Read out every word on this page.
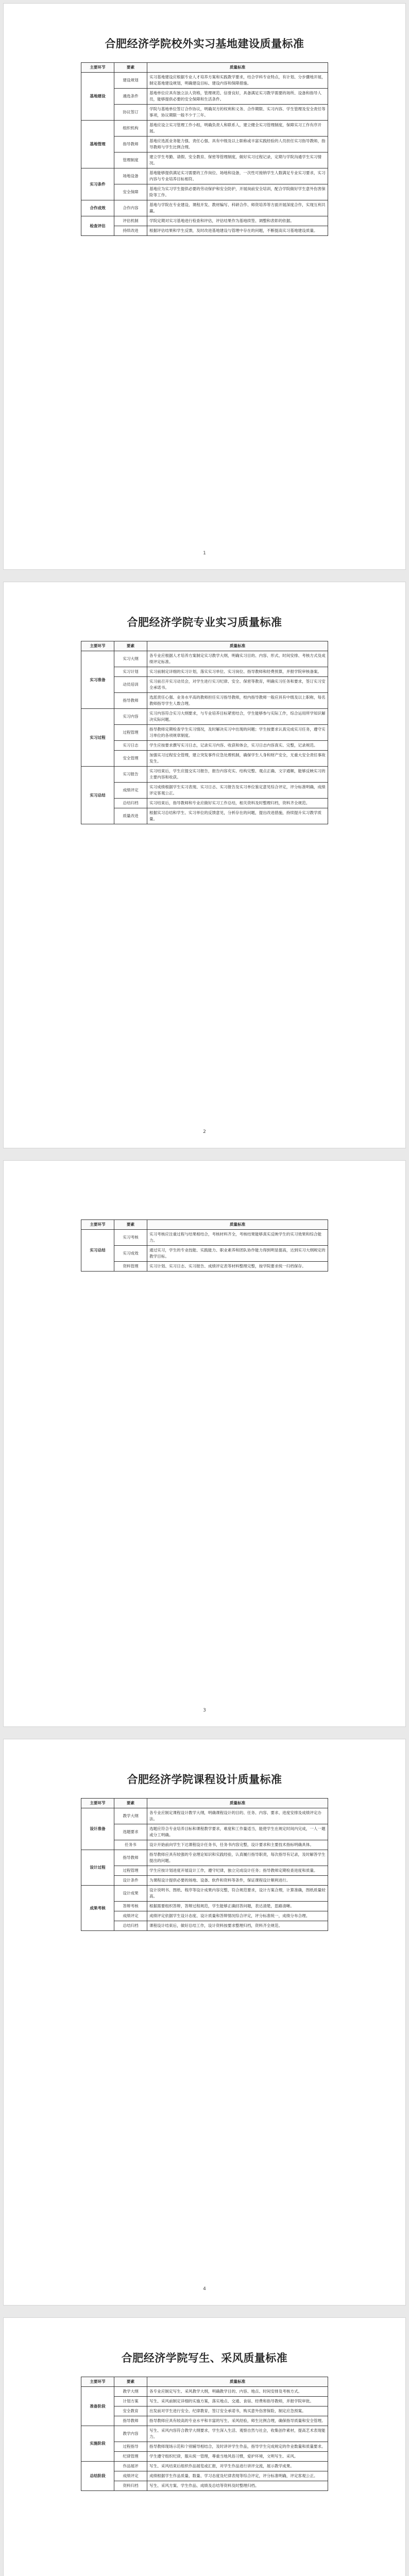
合肥经济学院校外实习基地建设质量标准
主要环节	要素	质量标准
基地建设	建设规划	实习基地建设应根据专业人才培养方案和实践教学要求，结合学科专业特点，有计划、分步骤地开展，制定基地建设规划，明确建设目标、建设内容和保障措施。
	遴选条件	基地单位应具有独立法人资格，管理规范、信誉良好，具备满足实习教学需要的场所、设备和指导人员，能够提供必要的安全保障和生活条件。
	协议签订	学院与基地单位签订合作协议，明确双方的权利和义务、合作期限、实习内容、学生管理及安全责任等事项，协议期限一般不少于三年。
基地管理	组织机构	基地应设立实习管理工作小组，明确负责人和联系人，建立健全实习管理制度，保障实习工作有序开展。
	指导教师	基地应选派业务能力强、责任心强、具有中级及以上职称或丰富实践经验的人员担任实习指导教师，指导教师与学生比例合理。
	管理制度	建立学生考勤、请假、安全教育、保密等管理制度，做好实习过程记录，定期与学院沟通学生实习情况。
实习条件	场地设备	基地能够提供满足实习需要的工作岗位、场地和设备，一次性可接纳学生人数满足专业实习要求，实习内容与专业培养目标相符。
	安全保障	基地应为实习学生提供必要的劳动保护和安全防护，开展岗前安全培训，配合学院做好学生意外伤害保险等工作。
合作成效	合作内容	基地与学院在专业建设、课程开发、教材编写、科研合作、师资培养等方面开展深度合作，实现互利共赢。
检查评估	评估机制	学院定期对实习基地进行检查和评估，评估结果作为基地续签、调整和表彰的依据。
	持续改进	根据评估结果和学生反馈，及时改进基地建设与管理中存在的问题，不断提高实习基地建设质量。
1
合肥经济学院专业实习质量标准
主要环节	要素	质量标准
实习准备	实习大纲	各专业应根据人才培养方案制定实习教学大纲，明确实习目的、内容、形式、时间安排、考核方式及成绩评定标准。
	实习计划	实习前制定详细的实习计划，落实实习单位、实习岗位、指导教师和经费预算，并报学院审核备案。
	动员培训	实习前召开实习动员会，对学生进行实习纪律、安全、保密等教育，明确实习任务和要求，签订实习安全承诺书。
	指导教师	选派责任心强、业务水平高的教师担任实习指导教师，校内指导教师一般应具有中级及以上职称，每名教师指导学生人数合理。
实习过程	实习内容	实习内容符合实习大纲要求，与专业培养目标紧密结合，学生能够参与实际工作，综合运用所学知识解决实际问题。
	过程管理	指导教师定期检查学生实习情况，及时解决实习中出现的问题；学生按要求认真完成实习任务，遵守实习单位的各项规章制度。
	实习日志	学生应按要求撰写实习日志，记录实习内容、收获和体会，实习日志内容真实、完整，记录规范。
	安全管理	加强实习过程安全管理，建立突发事件应急处理机制，确保学生人身和财产安全，无重大安全责任事故发生。
实习总结	实习报告	实习结束后，学生应提交实习报告，报告内容充实、结构完整、观点正确、文字通顺，能够反映实习的主要内容和收获。
	成绩评定	实习成绩根据学生实习表现、实习日志、实习报告及实习单位鉴定意见综合评定，评分标准明确，成绩评定客观公正。
	总结归档	实习结束后，指导教师和专业应做好实习工作总结，相关资料及时整理归档，资料齐全规范。
	质量改进	根据实习总结和学生、实习单位的反馈意见，分析存在的问题，提出改进措施，持续提升实习教学质量。
2
主要环节	要素	质量标准
实习总结	实习考核	实习考核应注重过程与结果相结合，考核材料齐全，考核结果能够真实反映学生的实习效果和综合能力。
	实习成效	通过实习，学生的专业技能、实践能力、职业素养和团队协作能力得到明显提高，达到实习大纲规定的教学目标。
	资料管理	实习计划、实习日志、实习报告、成绩评定表等材料整理完整，按学院要求统一归档保存。
3
合肥经济学院课程设计质量标准
主要环节	要素	质量标准
设计准备	教学大纲	各专业应制定课程设计教学大纲，明确课程设计的目的、任务、内容、要求、进度安排及成绩评定办法。
	选题要求	选题应符合专业培养目标和课程教学要求，难度和工作量适当，能使学生在规定时间内完成，一人一题或分工明确。
	任务书	设计开始前向学生下达课程设计任务书，任务书内容完整，设计要求和主要技术指标明确具体。
设计过程	指导教师	指导教师应具有较强的专业理论知识和实践经验，认真履行指导职责，每次指导有记录，及时解答学生提出的问题。
	过程管理	学生应按计划进度开展设计工作，遵守纪律，独立完成设计任务；指导教师定期检查进度和质量。
	设计条件	为课程设计提供必要的场地、设备、软件和资料等条件，保证课程设计顺利进行。
成果考核	设计成果	设计说明书、图纸、程序等设计成果内容完整，符合规范要求，设计方案合理，计算准确，图纸质量较高。
	答辩考核	根据需要组织答辩，答辩过程规范，学生能够正确回答问题，表达清楚，思路清晰。
	成绩评定	成绩评定依据学生设计态度、设计质量和答辩情况综合评定，评分标准统一，成绩分布合理。
	总结归档	课程设计结束后，做好总结工作，设计资料按要求整理归档，资料齐全规范。
4
合肥经济学院写生、采风质量标准
主要环节	要素	质量标准
准备阶段	教学大纲	各专业应制定写生、采风教学大纲，明确教学目的、内容、地点、时间安排及考核方式。
	计划方案	写生、采风前制定详细的实施方案，落实地点、交通、食宿、经费和指导教师，并报学院审批。
	安全教育	出发前对学生进行安全、纪律教育，签订安全承诺书，购买意外伤害保险，制定应急预案。
	指导教师	指导教师应具有较高的专业水平和丰富的写生、采风经验，师生比例合理，确保指导质量和安全管理。
实施阶段	教学内容	写生、采风内容符合教学大纲要求，学生深入生活、观察自然与社会，收集创作素材，提高艺术表现能力。
	过程指导	指导教师现场示范和个别辅导相结合，及时讲评学生作品，指导学生完成规定的作业数量和质量要求。
	纪律管理	学生遵守组织纪律，服从统一管理，尊重当地风俗习惯，爱护环境，文明写生、采风。
总结阶段	作品展评	写生、采风结束后组织作品展览或汇报，对学生作品进行讲评交流，展示教学成果。
	成绩评定	成绩根据学生作品质量、数量、学习态度及纪律表现等综合评定，评分标准明确，评定客观公正。
	资料归档	写生、采风方案、学生作品、成绩及总结等资料及时整理归档。
